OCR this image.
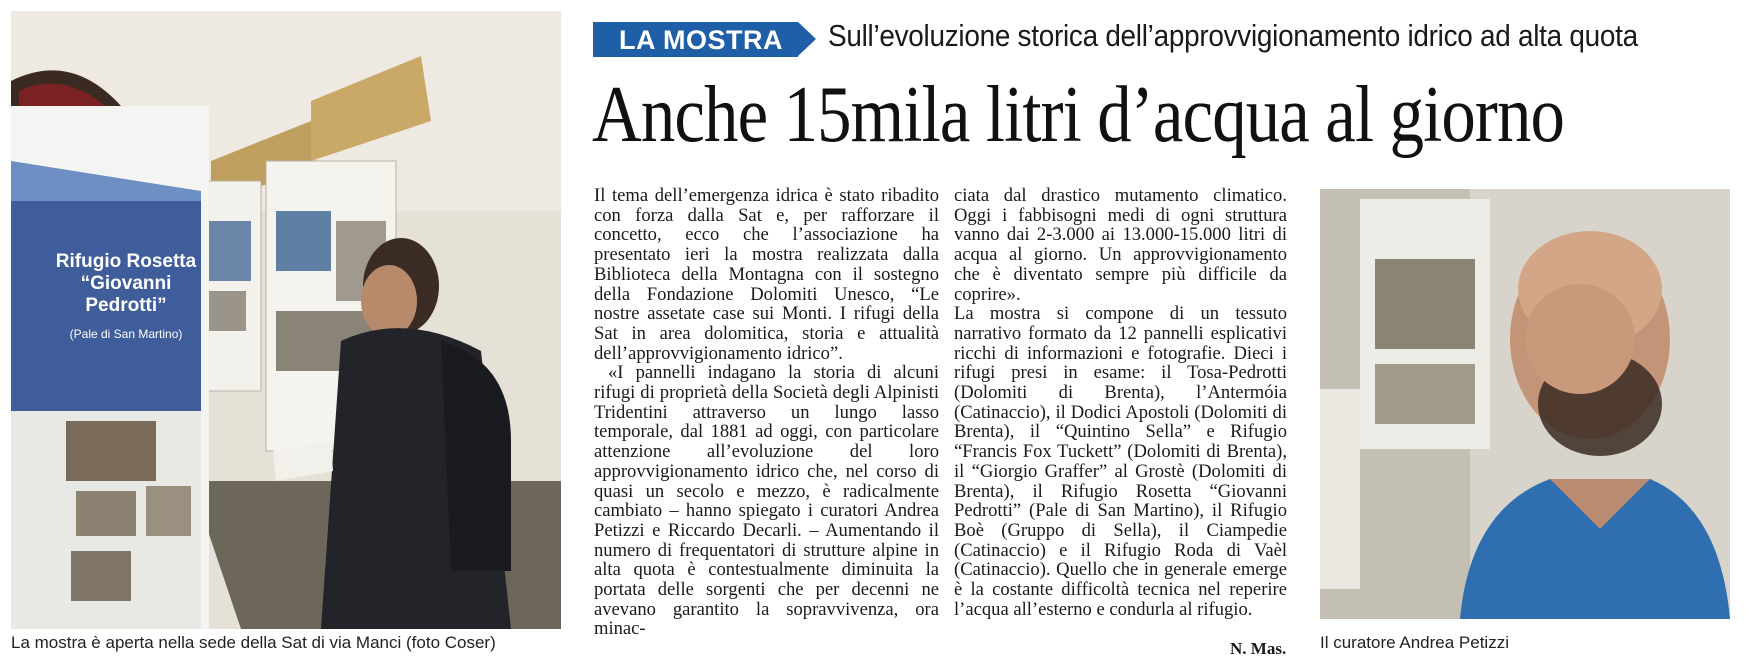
Rifugio Rosetta
“Giovanni Pedrotti”
(Pale di San Martino)
La mostra è aperta nella sede della Sat di via Manci (foto Coser)
LA MOSTRA Sull’evoluzione storica dell’approvvigionamento idrico ad alta quota
Anche 15mila litri d’acqua al giorno

Il tema dell’emergenza idrica è stato ribadito con forza dalla Sat e, per rafforzare il concetto, ecco che l’associazione ha presentato ieri la mostra realizzata dalla Biblioteca della Montagna con il sostegno della Fondazione Dolomiti Unesco, “Le nostre assetate case sui Monti. I rifugi della Sat in area dolomitica, storia e attualità dell’approvvigionamento idrico”.

«I pannelli indagano la storia di alcuni rifugi di proprietà della Società degli Alpinisti Tridentini attraverso un lungo lasso temporale, dal 1881 ad oggi, con particolare attenzione all’evoluzione del loro approvvigionamento idrico che, nel corso di quasi un secolo e mezzo, è radicalmente cambiato – hanno spiegato i curatori Andrea Petizzi e Riccardo Decarli. – Aumentando il numero di frequentatori di strutture alpine in alta quota è contestualmente diminuita la portata delle sorgenti che per decenni ne avevano garantito la sopravvivenza, ora minac-

ciata dal drastico mutamento climatico. Oggi i fabbisogni medi di ogni struttura vanno dai 2-3.000 ai 13.000-15.000 litri di acqua al giorno. Un approvvigionamento che è diventato sempre più difficile da coprire».

La mostra si compone di un tessuto narrativo formato da 12 pannelli esplicativi ricchi di informazioni e fotografie. Dieci i rifugi presi in esame: il Tosa-Pedrotti (Dolomiti di Brenta), l’Antermóia (Catinaccio), il Dodici Apostoli (Dolomiti di Brenta), il “Quintino Sella” e Rifugio “Francis Fox Tuckett” (Dolomiti di Brenta), il “Giorgio Graffer” al Grostè (Dolomiti di Brenta), il Rifugio Rosetta “Giovanni Pedrotti” (Pale di San Martino), il Rifugio Boè (Gruppo di Sella), il Ciampedie (Catinaccio) e il Rifugio Roda di Vaèl (Catinaccio). Quello che in generale emerge è la costante difficoltà tecnica nel reperire l’acqua all’esterno e condurla al rifugio.

N. Mas. Il curatore Andrea Petizzi
